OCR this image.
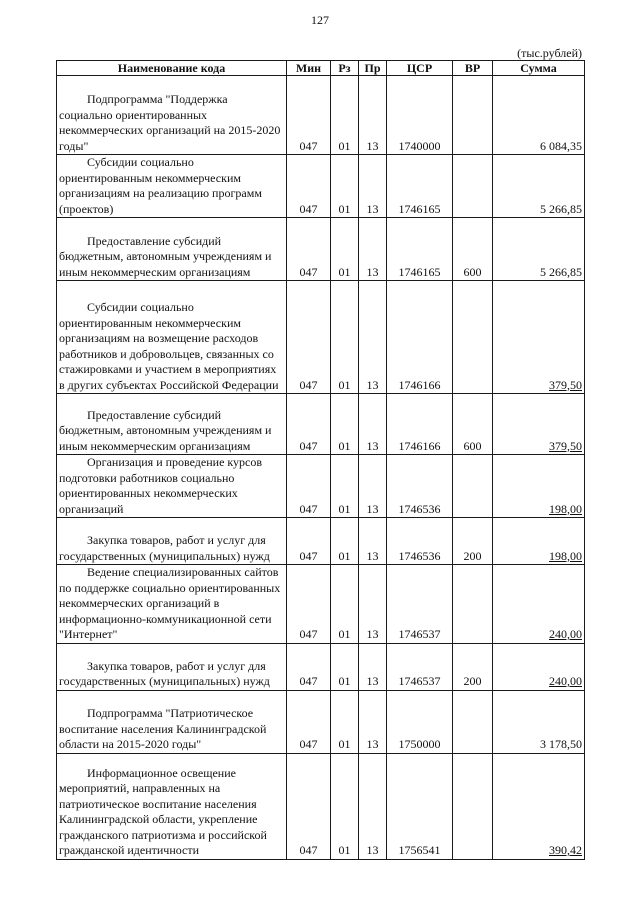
127
(тыс.рублей)
Наименование кода	Мин	Рз	Пр	ЦСР	ВР	Сумма

Подпрограмма "Поддержка социально ориентированных некоммерческих организаций на 2015-2020 годы"	047	01	13	1740000		6 084,35

Субсидии социально ориентированным некоммерческим организациям на реализацию программ (проектов)	047	01	13	1746165		5 266,85

Предоставление субсидий бюджетным, автономным учреждениям и иным некоммерческим организациям	047	01	13	1746165	600	5 266,85

Субсидии социально ориентированным некоммерческим организациям на возмещение расходов работников и добровольцев, связанных со стажировками и участием в мероприятиях в других субъектах Российской Федерации	047	01	13	1746166		379,50

Предоставление субсидий бюджетным, автономным учреждениям и иным некоммерческим организациям	047	01	13	1746166	600	379,50

Организация и проведение курсов подготовки работников социально ориентированных некоммерческих организаций	047	01	13	1746536		198,00

Закупка товаров, работ и услуг для государственных (муниципальных) нужд	047	01	13	1746536	200	198,00

Ведение специализированных сайтов по поддержке социально ориентированных некоммерческих организаций в информационно-коммуникационной сети "Интернет"	047	01	13	1746537		240,00

Закупка товаров, работ и услуг для государственных (муниципальных) нужд	047	01	13	1746537	200	240,00

Подпрограмма "Патриотическое воспитание населения Калининградской области на 2015-2020 годы"	047	01	13	1750000		3 178,50

Информационное освещение мероприятий, направленных на патриотическое воспитание населения Калининградской области, укрепление гражданского патриотизма и российской гражданской идентичности	047	01	13	1756541		390,42
